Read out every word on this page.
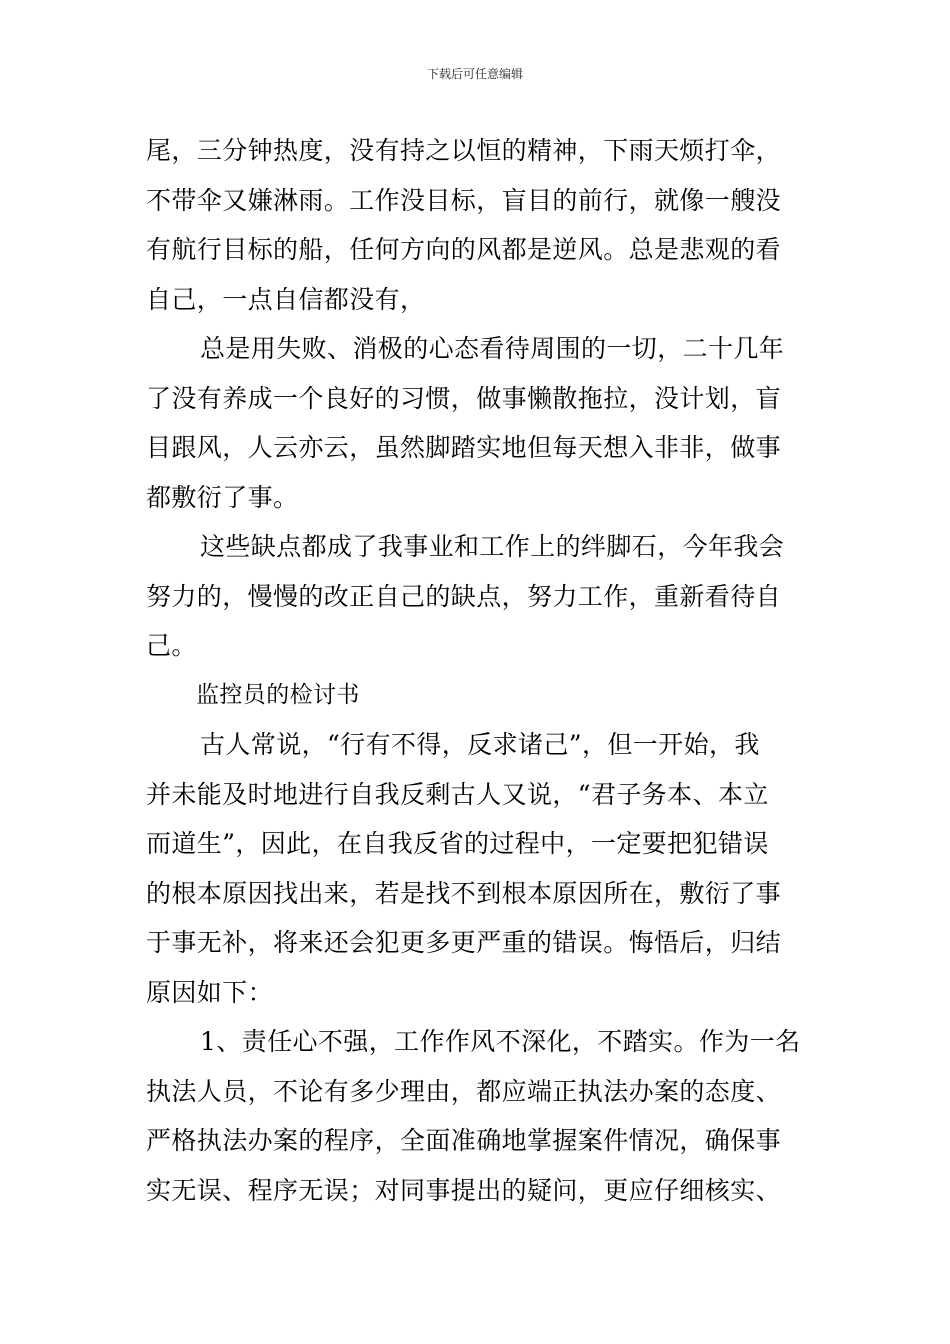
下载后可任意编辑
尾，三分钟热度，没有持之以恒的精神，下雨天烦打伞，
不带伞又嫌淋雨。工作没目标，盲目的前行，就像一艘没
有航行目标的船，任何方向的风都是逆风。总是悲观的看
自己，一点自信都没有，
总是用失败、消极的心态看待周围的一切，二十几年
了没有养成一个良好的习惯，做事懒散拖拉，没计划，盲
目跟风，人云亦云，虽然脚踏实地但每天想入非非，做事
都敷衍了事。
这些缺点都成了我事业和工作上的绊脚石，今年我会
努力的，慢慢的改正自己的缺点，努力工作，重新看待自
己。
监控员的检讨书
古人常说，“行有不得，反求诸己”，但一开始，我
并未能及时地进行自我反剩古人又说，“君子务本、本立
而道生”，因此，在自我反省的过程中，一定要把犯错误
的根本原因找出来，若是找不到根本原因所在，敷衍了事
于事无补，将来还会犯更多更严重的错误。悔悟后，归结
原因如下：
1、责任心不强，工作作风不深化，不踏实。作为一名
执法人员，不论有多少理由，都应端正执法办案的态度、
严格执法办案的程序，全面准确地掌握案件情况，确保事
实无误、程序无误；对同事提出的疑问，更应仔细核实、
